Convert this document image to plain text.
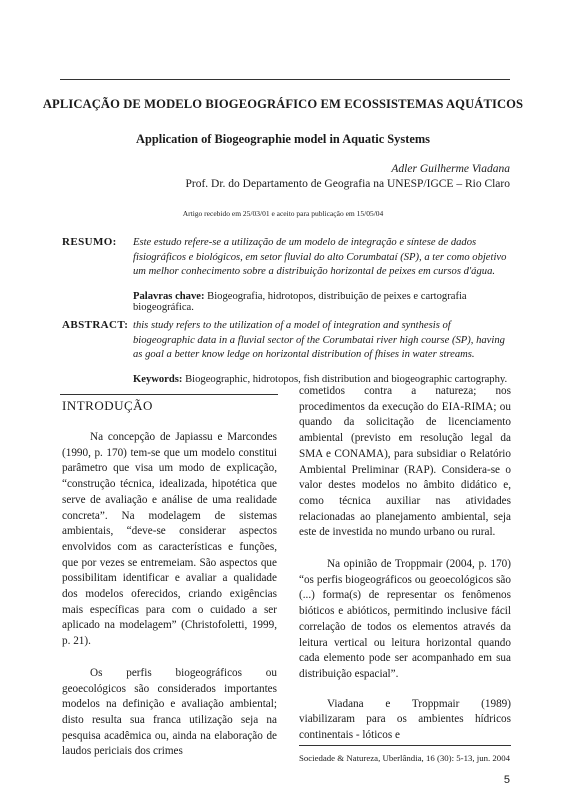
APLICAÇÃO DE MODELO BIOGEOGRÁFICO EM ECOSSISTEMAS AQUÁTICOS
Application of Biogeographie model in Aquatic Systems
Adler Guilherme Viadana
Prof. Dr. do Departamento de Geografia na UNESP/IGCE – Rio Claro
Artigo recebido em 25/03/01 e aceito para publicação em 15/05/04
RESUMO: Este estudo refere-se a utilização de um modelo de integração e síntese de dados fisiográficos e biológicos, em setor fluvial do alto Corumbataí (SP), a ter como objetivo um melhor conhecimento sobre a distribuição horizontal de peixes em cursos d'água.
Palavras chave: Biogeografia, hidrotopos, distribuição de peixes e cartografia biogeográfica.
ABSTRACT: this study refers to the utilization of a model of integration and synthesis of biogeographic data in a fluvial sector of the Corumbatai river high course (SP), having as goal a better know ledge on horizontal distribution of fhises in water streams.
Keywords: Biogeographic, hidrotopos, fish distribution and biogeographic cartography.
INTRODUÇÃO

Na concepção de Japiassu e Marcondes (1990, p. 170) tem-se que um modelo constitui parâmetro que visa um modo de explicação, “construção técnica, idealizada, hipotética que serve de avaliação e análise de uma realidade concreta”. Na modelagem de sistemas ambientais, “deve-se considerar aspectos envolvidos com as características e funções, que por vezes se entremeiam. São aspectos que possibilitam identificar e avaliar a qualidade dos modelos oferecidos, criando exigências mais específicas para com o cuidado a ser aplicado na modelagem” (Christofoletti, 1999, p. 21).

Os perfis biogeográficos ou geoecológicos são considerados importantes modelos na definição e avaliação ambiental; disto resulta sua franca utilização seja na pesquisa acadêmica ou, ainda na elaboração de laudos periciais dos crimes

cometidos contra a natureza; nos procedimentos da execução do EIA-RIMA; ou quando da solicitação de licenciamento ambiental (previsto em resolução legal da SMA e CONAMA), para subsidiar o Relatório Ambiental Preliminar (RAP). Considera-se o valor destes modelos no âmbito didático e, como técnica auxiliar nas atividades relacionadas ao planejamento ambiental, seja este de investida no mundo urbano ou rural.

Na opinião de Troppmair (2004, p. 170) “os perfis biogeográficos ou geoecológicos são (...) forma(s) de representar os fenômenos bióticos e abióticos, permitindo inclusive fácil correlação de todos os elementos através da leitura vertical ou leitura horizontal quando cada elemento pode ser acompanhado em sua distribuição espacial”.

Viadana e Troppmair (1989) viabilizaram para os ambientes hídricos continentais - lóticos e

Sociedade & Natureza, Uberlândia, 16 (30): 5-13, jun. 2004
5
